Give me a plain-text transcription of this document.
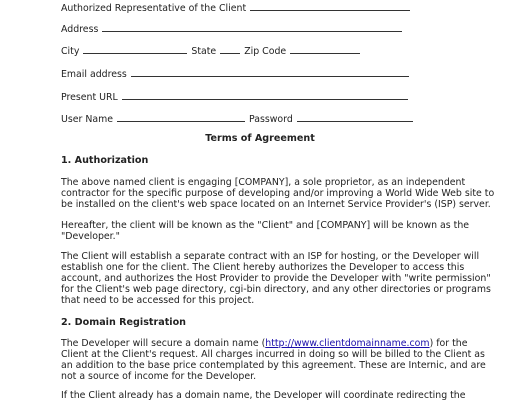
Authorized Representative of the Client
Address
City	State	Zip Code
Email address
Present URL
User Name	Password
Terms of Agreement
1. Authorization
The above named client is engaging [COMPANY], a sole proprietor, as an independent
contractor for the specific purpose of developing and/or improving a World Wide Web site to
be installed on the client's web space located on an Internet Service Provider's (ISP) server.
Hereafter, the client will be known as the "Client" and [COMPANY] will be known as the
"Developer."
The Client will establish a separate contract with an ISP for hosting, or the Developer will
establish one for the client. The Client hereby authorizes the Developer to access this
account, and authorizes the Host Provider to provide the Developer with "write permission"
for the Client's web page directory, cgi-bin directory, and any other directories or programs
that need to be accessed for this project.
2. Domain Registration
The Developer will secure a domain name (http://www.clientdomainname.com) for the
Client at the Client's request. All charges incurred in doing so will be billed to the Client as
an addition to the base price contemplated by this agreement. These are Internic, and are
not a source of income for the Developer.
If the Client already has a domain name, the Developer will coordinate redirecting the
